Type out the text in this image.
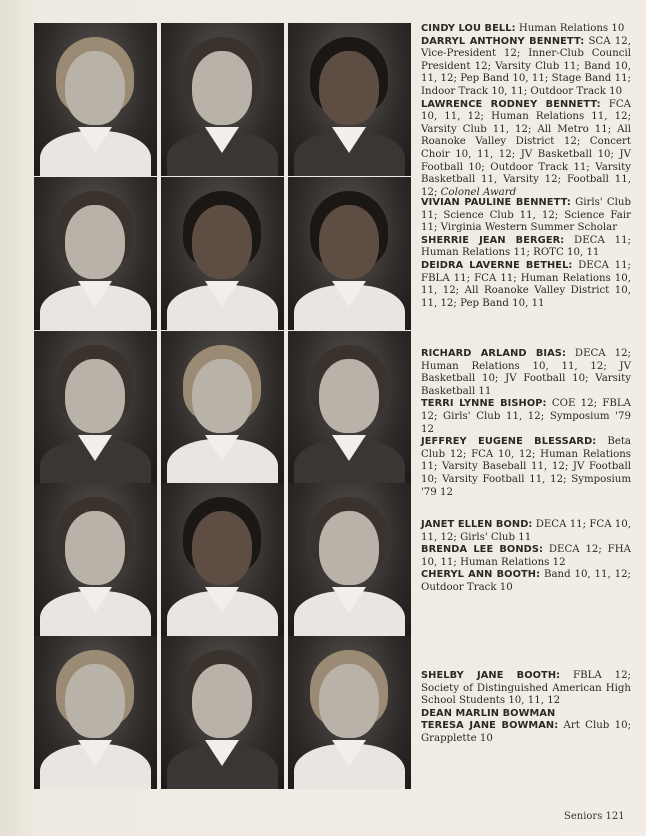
CINDY LOU BELL: Human Relations 10

DARRYL ANTHONY BENNETT: SCA 12, Vice-President 12; Inner-Club Council President 12; Varsity Club 11; Band 10, 11, 12; Pep Band 10, 11; Stage Band 11; Indoor Track 10, 11; Outdoor Track 10

LAWRENCE RODNEY BENNETT: FCA 10, 11, 12; Human Relations 11, 12; Varsity Club 11, 12; All Metro 11; All Roanoke Valley District 12; Concert Choir 10, 11, 12; JV Basketball 10; JV Football 10; Outdoor Track 11; Varsity Basketball 11, Varsity 12; Football 11, 12; Colonel Award

VIVIAN PAULINE BENNETT: Girls' Club 11; Science Club 11, 12; Science Fair 11; Virginia Western Summer Scholar

SHERRIE JEAN BERGER: DECA 11; Human Relations 11; ROTC 10, 11

DEIDRA LAVERNE BETHEL: DECA 11; FBLA 11; FCA 11; Human Relations 10, 11, 12; All Roanoke Valley District 10, 11, 12; Pep Band 10, 11

RICHARD ARLAND BIAS: DECA 12; Human Relations 10, 11, 12; JV Basketball 10; JV Football 10; Varsity Basketball 11

TERRI LYNNE BISHOP: COE 12; FBLA 12; Girls' Club 11, 12; Symposium '79 12

JEFFREY EUGENE BLESSARD: Beta Club 12; FCA 10, 12; Human Relations 11; Varsity Baseball 11, 12; JV Football 10; Varsity Football 11, 12; Symposium '79 12

JANET ELLEN BOND: DECA 11; FCA 10, 11, 12; Girls' Club 11

BRENDA LEE BONDS: DECA 12; FHA 10, 11; Human Relations 12

CHERYL ANN BOOTH: Band 10, 11, 12; Outdoor Track 10

SHELBY JANE BOOTH: FBLA 12; Society of Distinguished American High School Students 10, 11, 12

DEAN MARLIN BOWMAN

TERESA JANE BOWMAN: Art Club 10; Grapplette 10

Seniors 121
